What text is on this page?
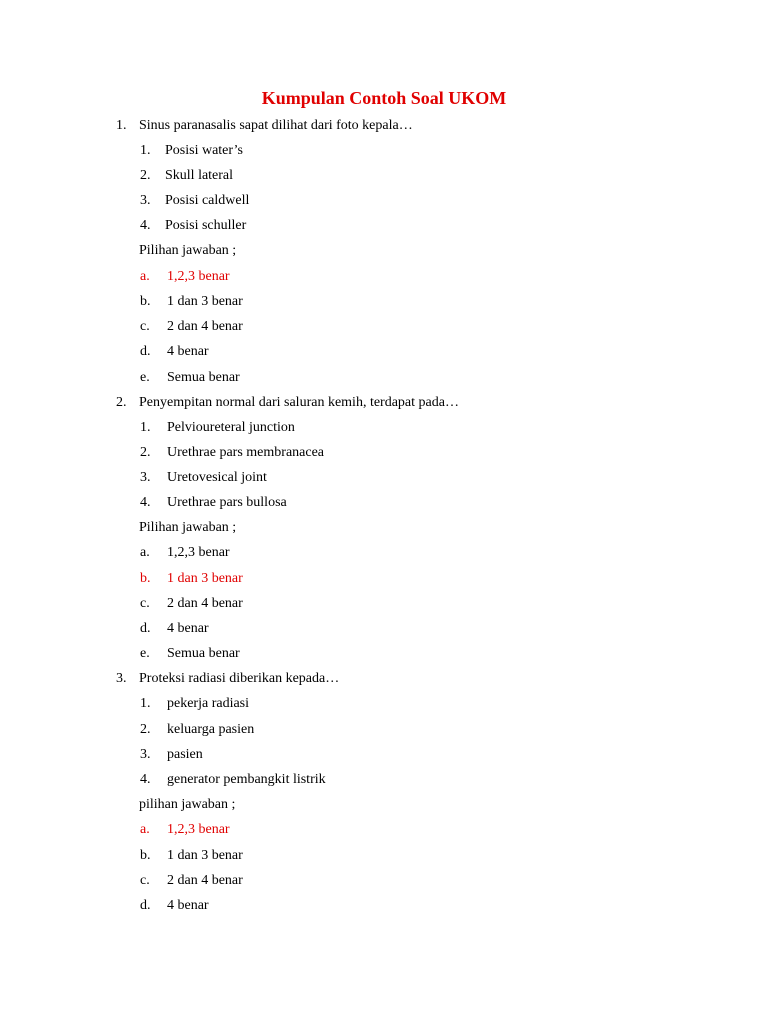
Kumpulan Contoh Soal UKOM
1. Sinus paranasalis sapat dilihat dari foto kepala…
1. Posisi water’s
2. Skull lateral
3. Posisi caldwell
4. Posisi schuller
Pilihan jawaban ;
a. 1,2,3 benar
b. 1 dan 3 benar
c. 2 dan 4 benar
d. 4 benar
e. Semua benar
2. Penyempitan normal dari saluran kemih, terdapat pada…
1. Pelvioureteral junction
2. Urethrae pars membranacea
3. Uretovesical joint
4. Urethrae pars bullosa
Pilihan jawaban ;
a. 1,2,3 benar
b. 1 dan 3 benar
c. 2 dan 4 benar
d. 4 benar
e. Semua benar
3. Proteksi radiasi diberikan kepada…
1. pekerja radiasi
2. keluarga pasien
3. pasien
4. generator pembangkit listrik
pilihan jawaban ;
a. 1,2,3 benar
b. 1 dan 3 benar
c. 2 dan 4 benar
d. 4 benar
